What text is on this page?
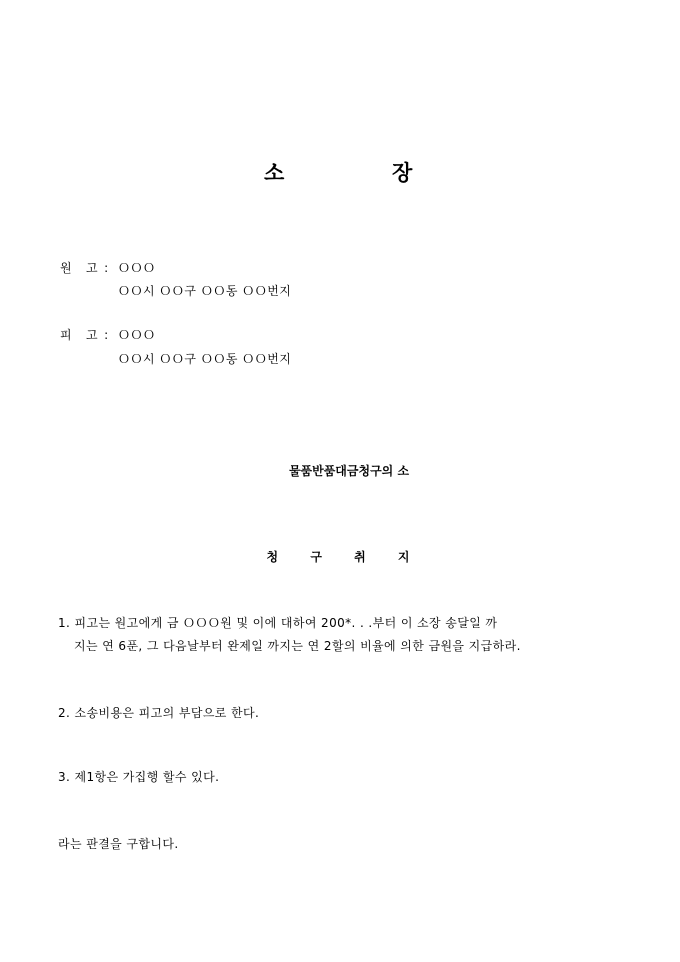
소	장
원 고 : ＯＯＯ
ＯＯ시 ＯＯ구 ＯＯ동 ＯＯ번지
피 고 : ＯＯＯ
ＯＯ시 ＯＯ구 ＯＯ동 ＯＯ번지
물품반품대금청구의 소
청 구 취 지
1. 피고는 원고에게 금 ＯＯＯ원 및 이에 대하여 200*. . .부터 이 소장 송달일 까
지는 연 6푼, 그 다음날부터 완제일 까지는 연 2할의 비율에 의한 금원을 지급하라.
2. 소송비용은 피고의 부담으로 한다.
3. 제1항은 가집행 할수 있다.
라는 판결을 구합니다.
